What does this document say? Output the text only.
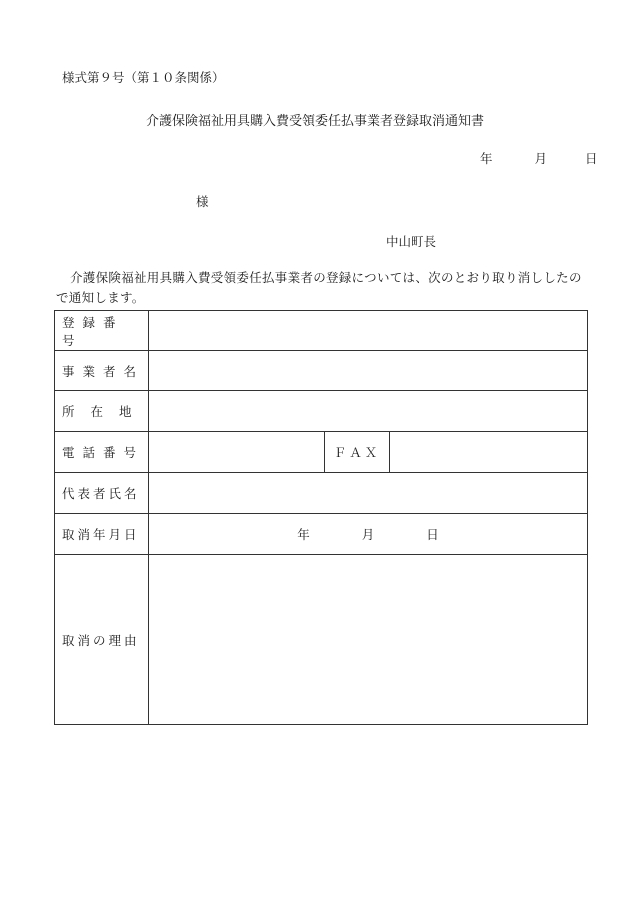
様式第９号（第１０条関係）
介護保険福祉用具購入費受領委任払事業者登録取消通知書
年	月	日
様
中山町長
介護保険福祉用具購入費受領委任払事業者の登録については、次のとおり取り消ししたので通知します。
登録番号			

事業者名			
所在地			
電話番号		ＦＡＸ	
代表者氏名			
取消年月日	年 月 日		
取消の理由			
